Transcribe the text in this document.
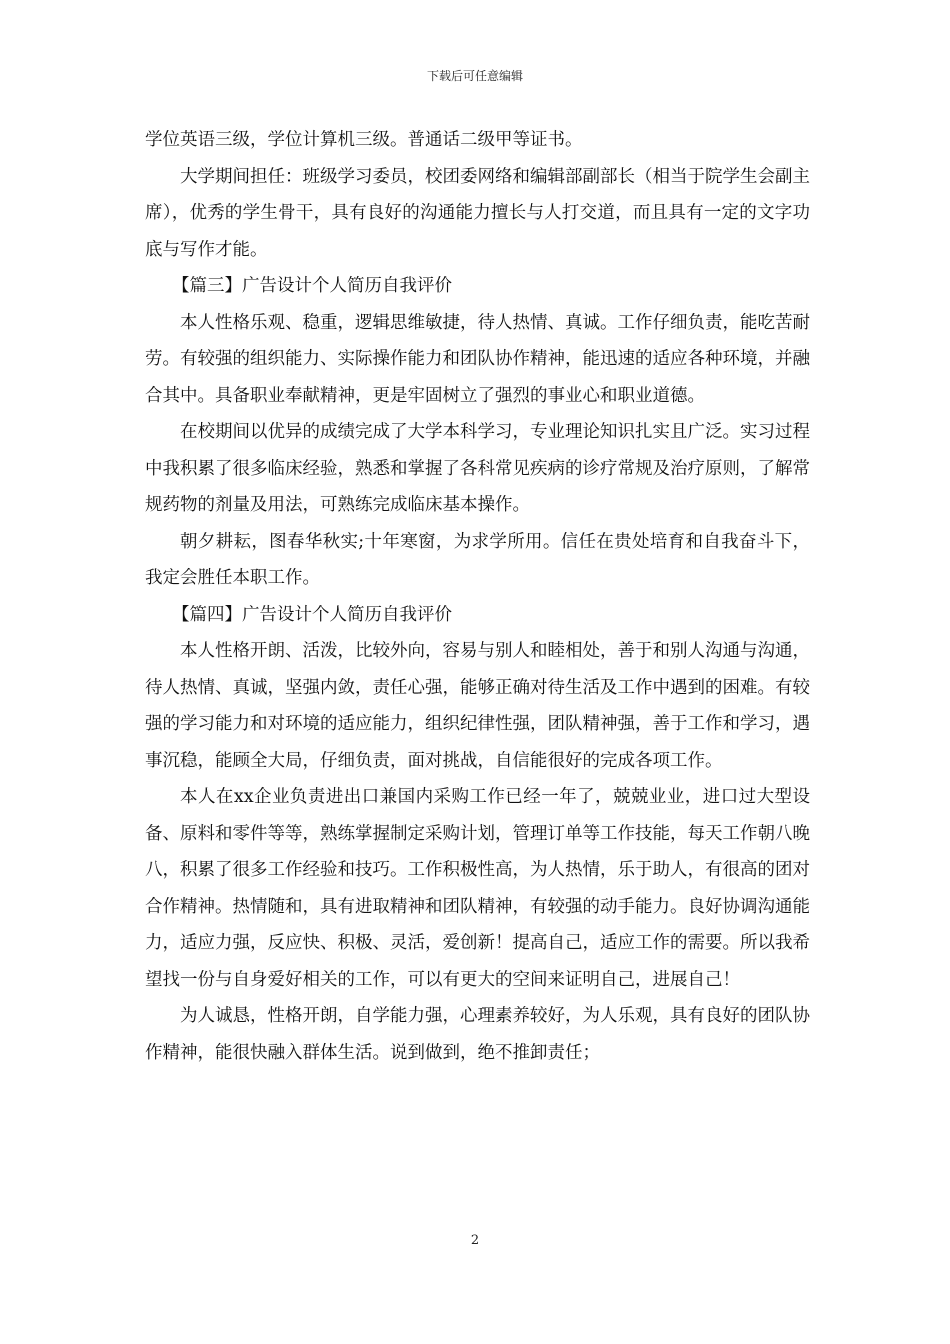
下载后可任意编辑

学位英语三级，学位计算机三级。普通话二级甲等证书。

大学期间担任：班级学习委员，校团委网络和编辑部副部长（相当于院学生会副主席），优秀的学生骨干，具有良好的沟通能力擅长与人打交道，而且具有一定的文字功底与写作才能。

【篇三】广告设计个人简历自我评价

本人性格乐观、稳重，逻辑思维敏捷，待人热情、真诚。工作仔细负责，能吃苦耐劳。有较强的组织能力、实际操作能力和团队协作精神，能迅速的适应各种环境，并融合其中。具备职业奉献精神，更是牢固树立了强烈的事业心和职业道德。

在校期间以优异的成绩完成了大学本科学习，专业理论知识扎实且广泛。实习过程中我积累了很多临床经验，熟悉和掌握了各科常见疾病的诊疗常规及治疗原则，了解常规药物的剂量及用法，可熟练完成临床基本操作。

朝夕耕耘，图春华秋实;十年寒窗，为求学所用。信任在贵处培育和自我奋斗下，我定会胜任本职工作。

【篇四】广告设计个人简历自我评价

本人性格开朗、活泼，比较外向，容易与别人和睦相处，善于和别人沟通与沟通，待人热情、真诚，坚强内敛，责任心强，能够正确对待生活及工作中遇到的困难。有较强的学习能力和对环境的适应能力，组织纪律性强，团队精神强，善于工作和学习，遇事沉稳，能顾全大局，仔细负责，面对挑战，自信能很好的完成各项工作。

本人在xx企业负责进出口兼国内采购工作已经一年了，兢兢业业，进口过大型设备、原料和零件等等，熟练掌握制定采购计划，管理订单等工作技能，每天工作朝八晚八，积累了很多工作经验和技巧。工作积极性高，为人热情，乐于助人，有很高的团对合作精神。热情随和，具有进取精神和团队精神，有较强的动手能力。良好协调沟通能力，适应力强，反应快、积极、灵活，爱创新！提高自己，适应工作的需要。所以我希望找一份与自身爱好相关的工作，可以有更大的空间来证明自己，进展自己！

为人诚恳，性格开朗，自学能力强，心理素养较好，为人乐观，具有良好的团队协作精神，能很快融入群体生活。说到做到，绝不推卸责任；

2
